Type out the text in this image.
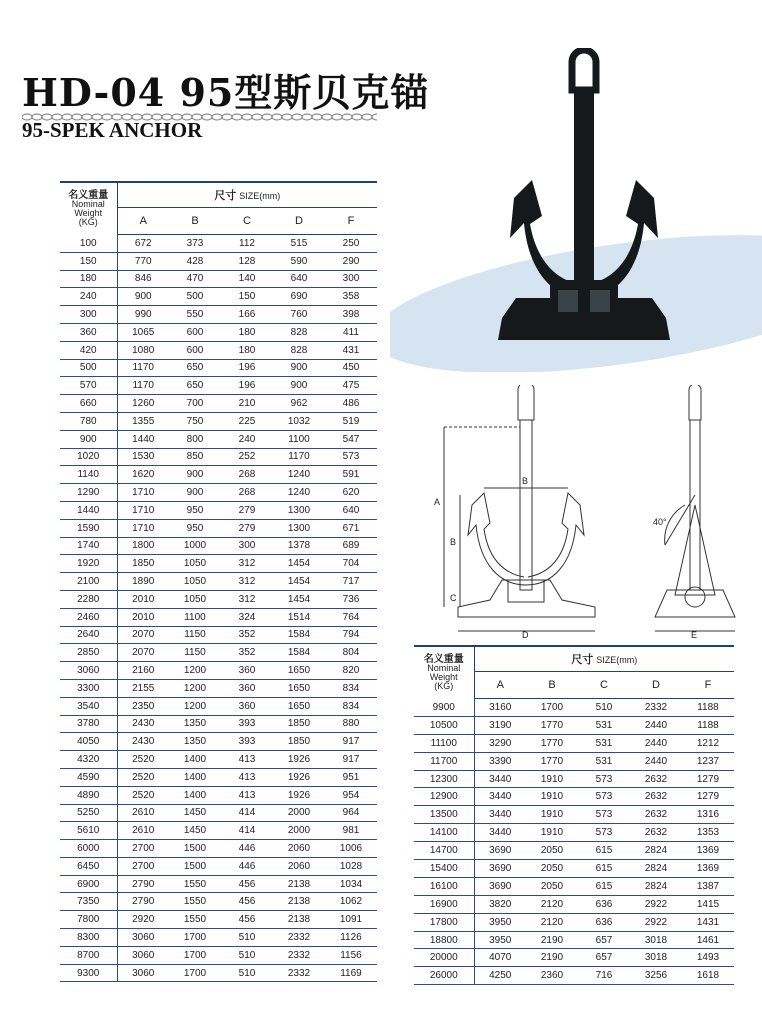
HD-04 95型斯贝克锚
95-SPEK ANCHOR
名义重量
Nominal
Weight
(KG)	尺寸 SIZE(mm)				
	A	B	C	D	F
100	672	373	112	515	250
150	770	428	128	590	290
180	846	470	140	640	300
240	900	500	150	690	358
300	990	550	166	760	398
360	1065	600	180	828	411
420	1080	600	180	828	431
500	1170	650	196	900	450
570	1170	650	196	900	475
660	1260	700	210	962	486
780	1355	750	225	1032	519
900	1440	800	240	1100	547
1020	1530	850	252	1170	573
1140	1620	900	268	1240	591
1290	1710	900	268	1240	620
1440	1710	950	279	1300	640
1590	1710	950	279	1300	671
1740	1800	1000	300	1378	689
1920	1850	1050	312	1454	704
2100	1890	1050	312	1454	717
2280	2010	1050	312	1454	736
2460	2010	1100	324	1514	764
2640	2070	1150	352	1584	794
2850	2070	1150	352	1584	804
3060	2160	1200	360	1650	820
3300	2155	1200	360	1650	834
3540	2350	1200	360	1650	834
3780	2430	1350	393	1850	880
4050	2430	1350	393	1850	917
4320	2520	1400	413	1926	917
4590	2520	1400	413	1926	951
4890	2520	1400	413	1926	954
5250	2610	1450	414	2000	964
5610	2610	1450	414	2000	981
6000	2700	1500	446	2060	1006
6450	2700	1500	446	2060	1028
6900	2790	1550	456	2138	1034
7350	2790	1550	456	2138	1062
7800	2920	1550	456	2138	1091
8300	3060	1700	510	2332	1126
8700	3060	1700	510	2332	1156
9300	3060	1700	510	2332	1169
名义重量
Nominal
Weight
(KG)	尺寸 SIZE(mm)				
	A	B	C	D	F
9900	3160	1700	510	2332	1188
10500	3190	1770	531	2440	1188
11100	3290	1770	531	2440	1212
11700	3390	1770	531	2440	1237
12300	3440	1910	573	2632	1279
12900	3440	1910	573	2632	1279
13500	3440	1910	573	2632	1316
14100	3440	1910	573	2632	1353
14700	3690	2050	615	2824	1369
15400	3690	2050	615	2824	1369
16100	3690	2050	615	2824	1387
16900	3820	2120	636	2922	1415
17800	3950	2120	636	2922	1431
18800	3950	2190	657	3018	1461
20000	4070	2190	657	3018	1493
26000	4250	2360	716	3256	1618
A
B
B
C
D
40°
E
